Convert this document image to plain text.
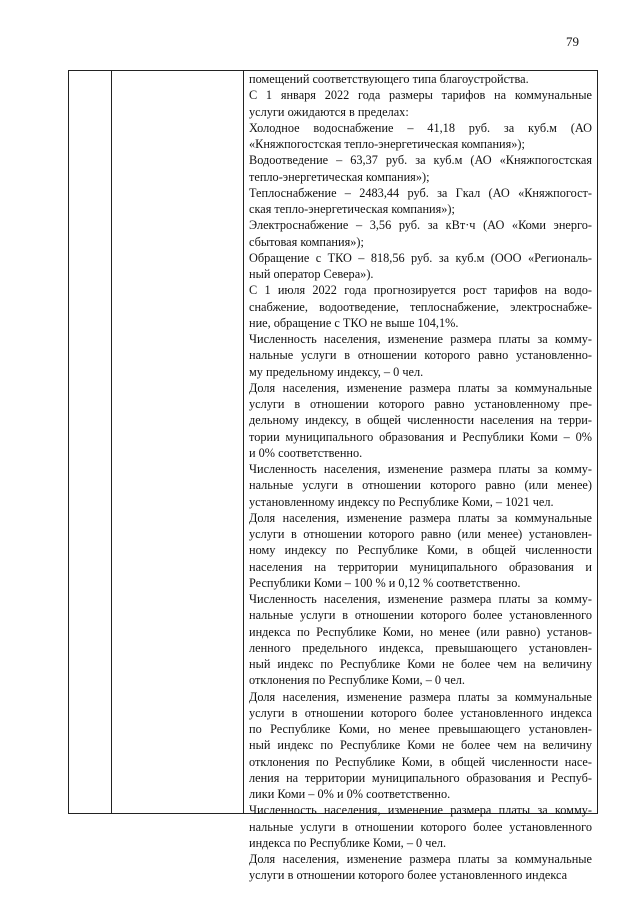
79

помещений соответствующего типа благоустройства.

С 1 января 2022 года размеры тарифов на коммунальные
услуги ожидаются в пределах:

Холодное водоснабжение – 41,18 руб. за куб.м (АО
«Княжпогостская тепло-энергетическая компания»);

Водоотведение – 63,37 руб. за куб.м (АО «Княжпогостская
тепло-энергетическая компания»);

Теплоснабжение – 2483,44 руб. за Гкал (АО «Княжпогост-
ская тепло-энергетическая компания»);

Электроснабжение – 3,56 руб. за кВт·ч (АО «Коми энерго-
сбытовая компания»);

Обращение с ТКО – 818,56 руб. за куб.м (ООО «Региональ-
ный оператор Севера»).

С 1 июля 2022 года прогнозируется рост тарифов на водо-
снабжение, водоотведение, теплоснабжение, электроснабже-
ние, обращение с ТКО не выше 104,1%.

Численность населения, изменение размера платы за комму-
нальные услуги в отношении которого равно установленно-
му предельному индексу, – 0 чел.

Доля населения, изменение размера платы за коммунальные
услуги в отношении которого равно установленному пре-
дельному индексу, в общей численности населения на терри-
тории муниципального образования и Республики Коми – 0%
и 0% соответственно.

Численность населения, изменение размера платы за комму-
нальные услуги в отношении которого равно (или менее)
установленному индексу по Республике Коми, – 1021 чел.

Доля населения, изменение размера платы за коммунальные
услуги в отношении которого равно (или менее) установлен-
ному индексу по Республике Коми, в общей численности
населения на территории муниципального образования и
Республики Коми – 100 % и 0,12 % соответственно.

Численность населения, изменение размера платы за комму-
нальные услуги в отношении которого более установленного
индекса по Республике Коми, но менее (или равно) установ-
ленного предельного индекса, превышающего установлен-
ный индекс по Республике Коми не более чем на величину
отклонения по Республике Коми, – 0 чел.

Доля населения, изменение размера платы за коммунальные
услуги в отношении которого более установленного индекса
по Республике Коми, но менее превышающего установлен-
ный индекс по Республике Коми не более чем на величину
отклонения по Республике Коми, в общей численности насе-
ления на территории муниципального образования и Респуб-
лики Коми – 0% и 0% соответственно.

Численность населения, изменение размера платы за комму-
нальные услуги в отношении которого более установленного
индекса по Республике Коми, – 0 чел.

Доля населения, изменение размера платы за коммунальные
услуги в отношении которого более установленного индекса
